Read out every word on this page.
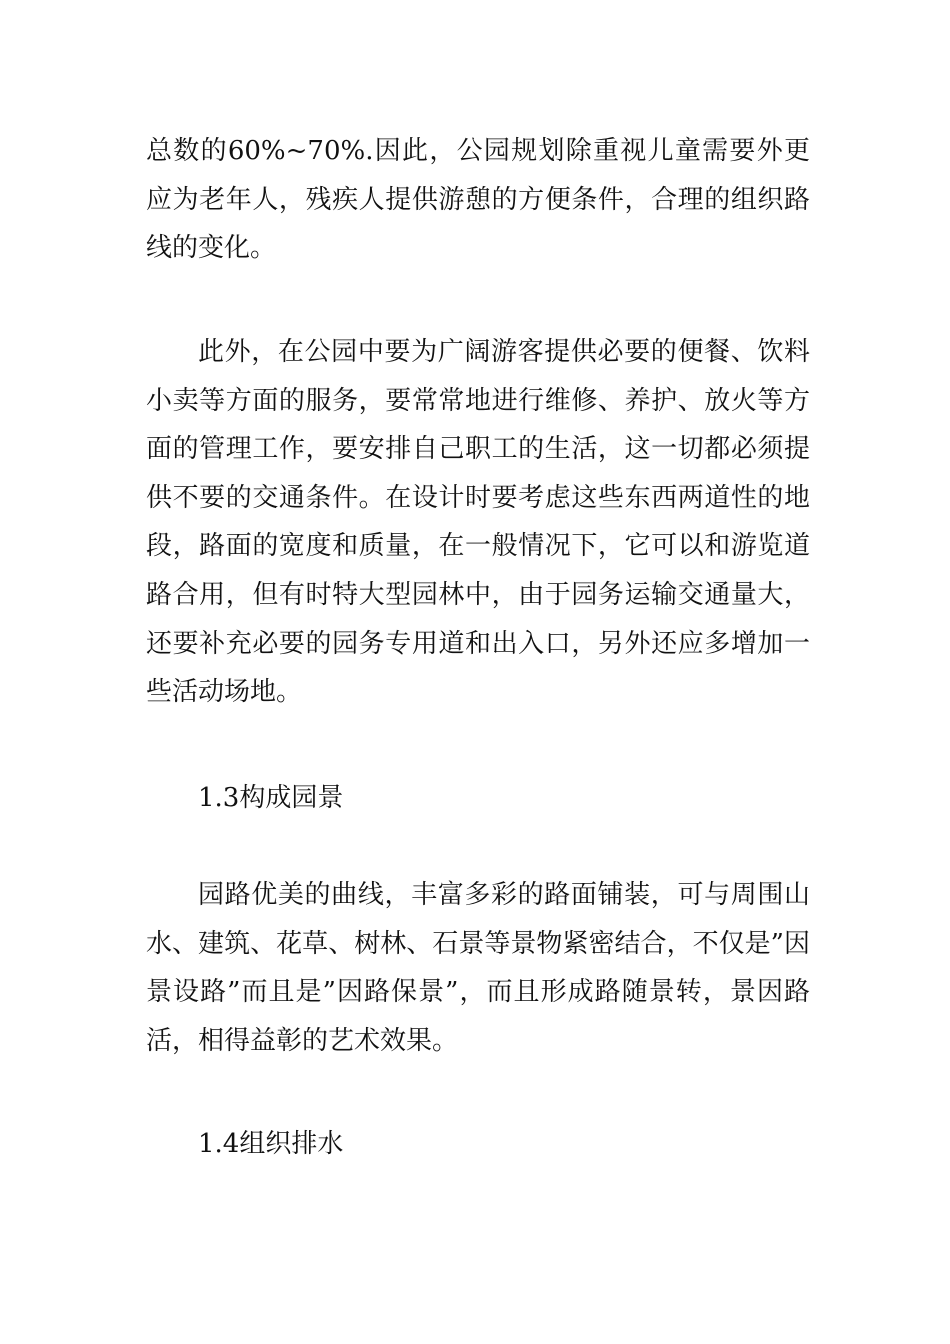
总数的60%~70%.因此，公园规划除重视儿童需要外更应为老年人，残疾人提供游憩的方便条件，合理的组织路线的变化。

此外，在公园中要为广阔游客提供必要的便餐、饮料小卖等方面的服务，要常常地进行维修、养护、放火等方面的管理工作，要安排自己职工的生活，这一切都必须提供不要的交通条件。在设计时要考虑这些东西两道性的地段，路面的宽度和质量，在一般情况下，它可以和游览道路合用，但有时特大型园林中，由于园务运输交通量大，还要补充必要的园务专用道和出入口，另外还应多增加一些活动场地。

1.3构成园景

园路优美的曲线，丰富多彩的路面铺装，可与周围山水、建筑、花草、树林、石景等景物紧密结合，不仅是”因景设路”而且是”因路保景”，而且形成路随景转，景因路活，相得益彰的艺术效果。

1.4组织排水
